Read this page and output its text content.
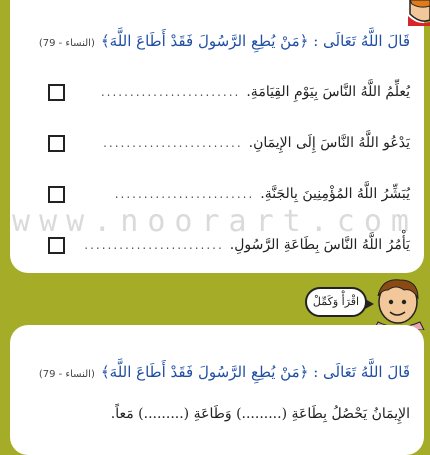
قَالَ اللَّهُ تَعَالَى : ﴿مَنْ يُطِعِ الرَّسُولَ فَقَدْ أَطَاعَ اللَّهَ﴾
(النساء - 79)
يُعلِّمُ اللَّهُ النَّاسَ بِيَوْمِ القِيَامَةِ.
........................
يَدْعُو اللَّهُ النَّاسَ إِلَى الإِيمَانِ.
........................
يُبَشِّرُ اللَّهُ المُؤْمِنِينَ بِالجَنَّةِ.
........................
يَأْمُرُ اللَّهُ النَّاسَ بِطَاعَةِ الرَّسُولِ.
........................
www.noorart.com
اقْرَأْ وَكَمِّلْ
قَالَ اللَّهُ تَعَالَى : ﴿مَنْ يُطِعِ الرَّسُولَ فَقَدْ أَطَاعَ اللَّهَ﴾
(النساء - 79)
الإِيمَانُ يَحْصُلُ بِطَاعَةِ (.........) وَطَاعَةِ (.........) مَعاً.
